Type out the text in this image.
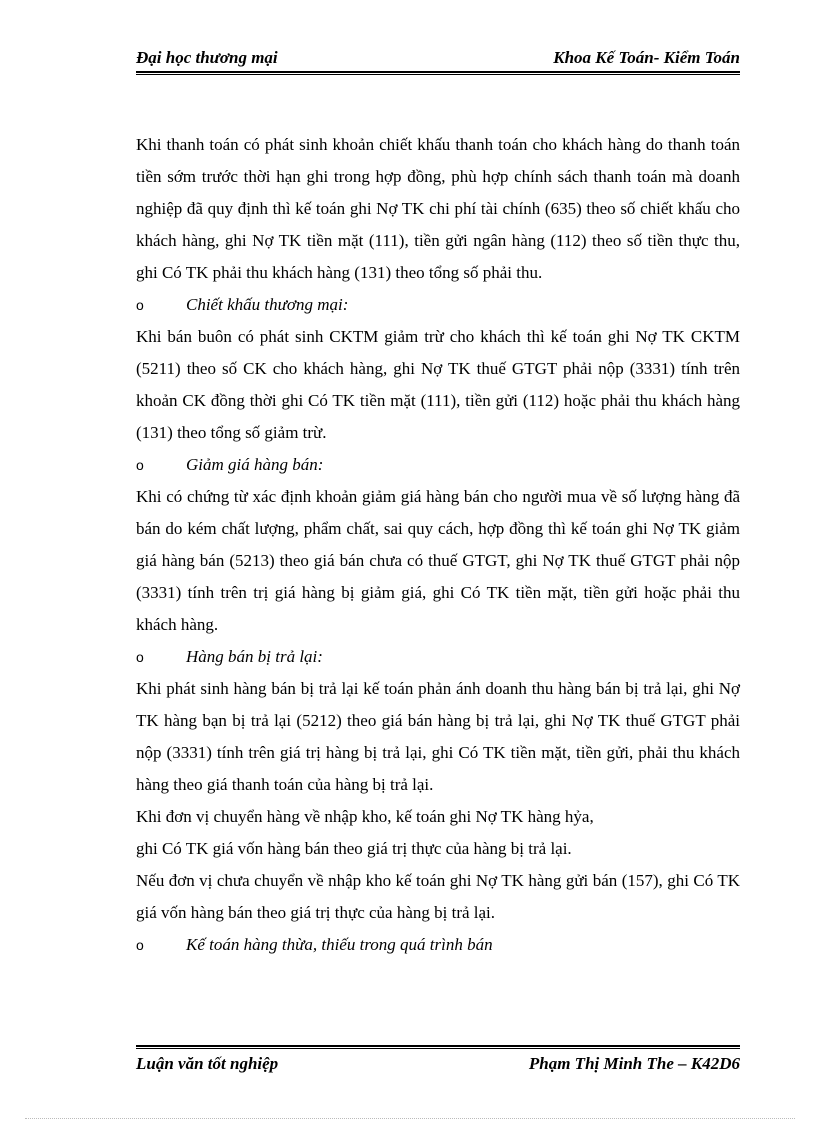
Đại học thương mại	Khoa Kế Toán- Kiểm Toán

Khi thanh toán có phát sinh khoản chiết khấu thanh toán cho khách hàng do thanh toán tiền sớm trước thời hạn ghi trong hợp đồng, phù hợp chính sách thanh toán mà doanh nghiệp đã quy định thì kế toán ghi Nợ TK chi phí tài chính (635) theo số chiết khấu cho khách hàng, ghi Nợ TK tiền mặt (111), tiền gửi ngân hàng (112) theo số tiền thực thu, ghi Có TK phải thu khách hàng (131) theo tổng số phải thu.

o Chiết khấu thương mại:

Khi bán buôn có phát sinh CKTM giảm trừ cho khách thì kế toán ghi Nợ TK CKTM (5211) theo số CK cho khách hàng, ghi Nợ TK thuế GTGT phải nộp (3331) tính trên khoản CK đồng thời ghi Có TK tiền mặt (111), tiền gửi (112) hoặc phải thu khách hàng (131) theo tổng số giảm trừ.

o Giảm giá hàng bán:

Khi có chứng từ xác định khoản giảm giá hàng bán cho người mua về số lượng hàng đã bán do kém chất lượng, phẩm chất, sai quy cách, hợp đồng thì kế toán ghi Nợ TK giảm giá hàng bán (5213) theo giá bán chưa có thuế GTGT, ghi Nợ TK thuế GTGT phải nộp (3331) tính trên trị giá hàng bị giảm giá, ghi Có TK tiền mặt, tiền gửi hoặc phải thu khách hàng.

o Hàng bán bị trả lại:

Khi phát sinh hàng bán bị trả lại kế toán phản ánh doanh thu hàng bán bị trả lại, ghi Nợ TK hàng bạn bị trả lại (5212) theo giá bán hàng bị trả lại, ghi Nợ TK thuế GTGT phải nộp (3331) tính trên giá trị hàng bị trả lại, ghi Có TK tiền mặt, tiền gửi, phải thu khách hàng theo giá thanh toán của hàng bị trả lại.

Khi đơn vị chuyển hàng về nhập kho, kế toán ghi Nợ TK hàng hỷa,

ghi Có TK giá vốn hàng bán theo giá trị thực của hàng bị trả lại.

Nếu đơn vị chưa chuyển về nhập kho kế toán ghi Nợ TK hàng gửi bán (157), ghi Có TK giá vốn hàng bán theo giá trị thực của hàng bị trả lại.

o Kế toán hàng thừa, thiếu trong quá trình bán
Luận văn tốt nghiệp	Phạm Thị Minh The – K42D6
